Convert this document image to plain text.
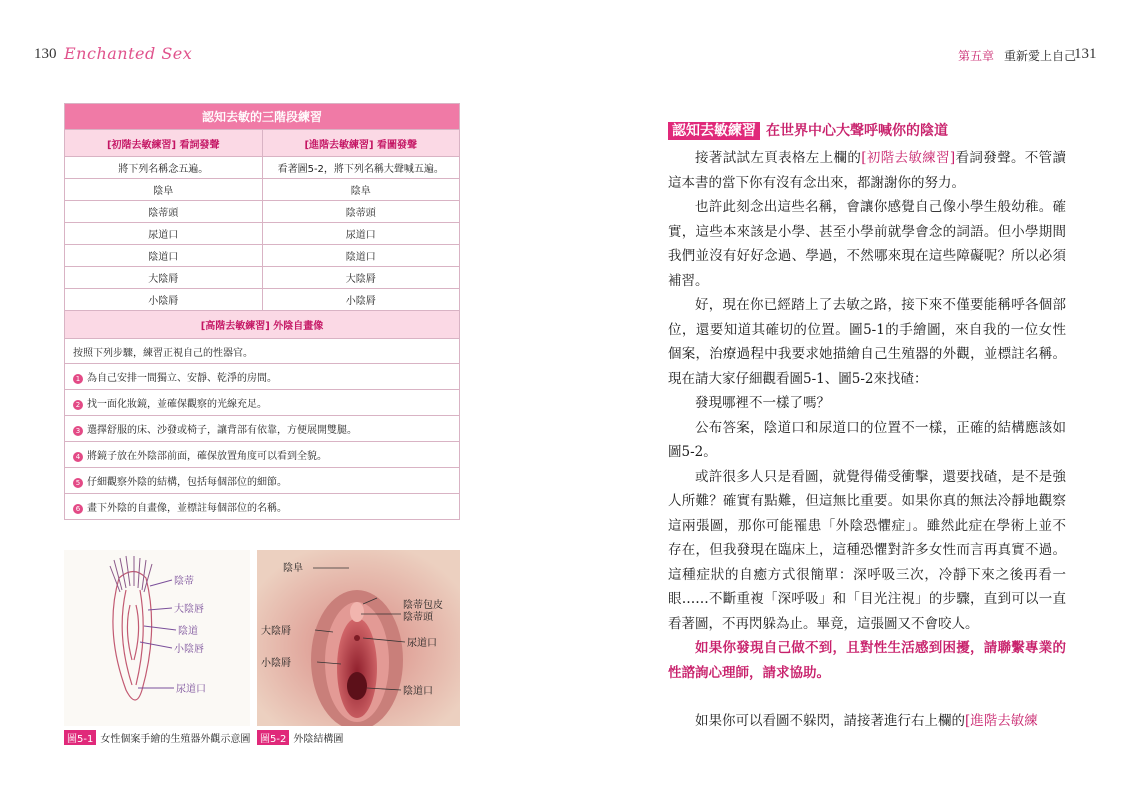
130 Enchanted Sex	第五章 重新愛上自己
131
認知去敏的三階段練習	
[初階去敏練習] 看詞發聲	[進階去敏練習] 看圖發聲
將下列名稱念五遍。	看著圖5-2，將下列名稱大聲喊五遍。
陰阜	陰阜
陰蒂頭	陰蒂頭
尿道口	尿道口
陰道口	陰道口
大陰脣	大陰脣
小陰脣	小陰脣
[高階去敏練習] 外陰自畫像	
按照下列步驟，練習正視自己的性器官。	
1 為自己安排一間獨立、安靜、乾淨的房間。	
2 找一面化妝鏡，並確保觀察的光線充足。	
3 選擇舒服的床、沙發或椅子，讓背部有依靠，方便展開雙腿。	
4 將鏡子放在外陰部前面，確保放置角度可以看到全貌。	
5 仔細觀察外陰的結構，包括每個部位的細節。	
6 畫下外陰的自畫像，並標註每個部位的名稱。	
陰蒂
大陰唇
陰道
小陰唇
尿道口
圖5-1 女性個案手繪的生殖器外觀示意圖
陰阜
陰蒂包皮
陰蒂頭
大陰脣
尿道口
小陰脣
陰道口
圖5-2 外陰結構圖
認知去敏練習 在世界中心大聲呼喊你的陰道

接著試試左頁表格左上欄的[初階去敏練習]看詞發聲。不管讀這本書的當下你有沒有念出來，都謝謝你的努力。

也許此刻念出這些名稱，會讓你感覺自己像小學生般幼稚。確實，這些本來該是小學、甚至小學前就學會念的詞語。但小學期間我們並沒有好好念過、學過，不然哪來現在這些障礙呢？所以必須補習。

好，現在你已經踏上了去敏之路，接下來不僅要能稱呼各個部位，還要知道其確切的位置。圖5-1的手繪圖，來自我的一位女性個案，治療過程中我要求她描繪自己生殖器的外觀，並標註名稱。現在請大家仔細觀看圖5-1、圖5-2來找碴：

發現哪裡不一樣了嗎？

公布答案，陰道口和尿道口的位置不一樣，正確的結構應該如圖5-2。

或許很多人只是看圖，就覺得備受衝擊，還要找碴，是不是強人所難？確實有點難，但這無比重要。如果你真的無法冷靜地觀察這兩張圖，那你可能罹患「外陰恐懼症」。雖然此症在學術上並不存在，但我發現在臨床上，這種恐懼對許多女性而言再真實不過。這種症狀的自癒方式很簡單：深呼吸三次，冷靜下來之後再看一眼……不斷重複「深呼吸」和「目光注視」的步驟，直到可以一直看著圖，不再閃躲為止。畢竟，這張圖又不會咬人。

如果你發現自己做不到，且對性生活感到困擾，請聯繫專業的性諮詢心理師，請求協助。

如果你可以看圖不躲閃，請接著進行右上欄的[進階去敏練
